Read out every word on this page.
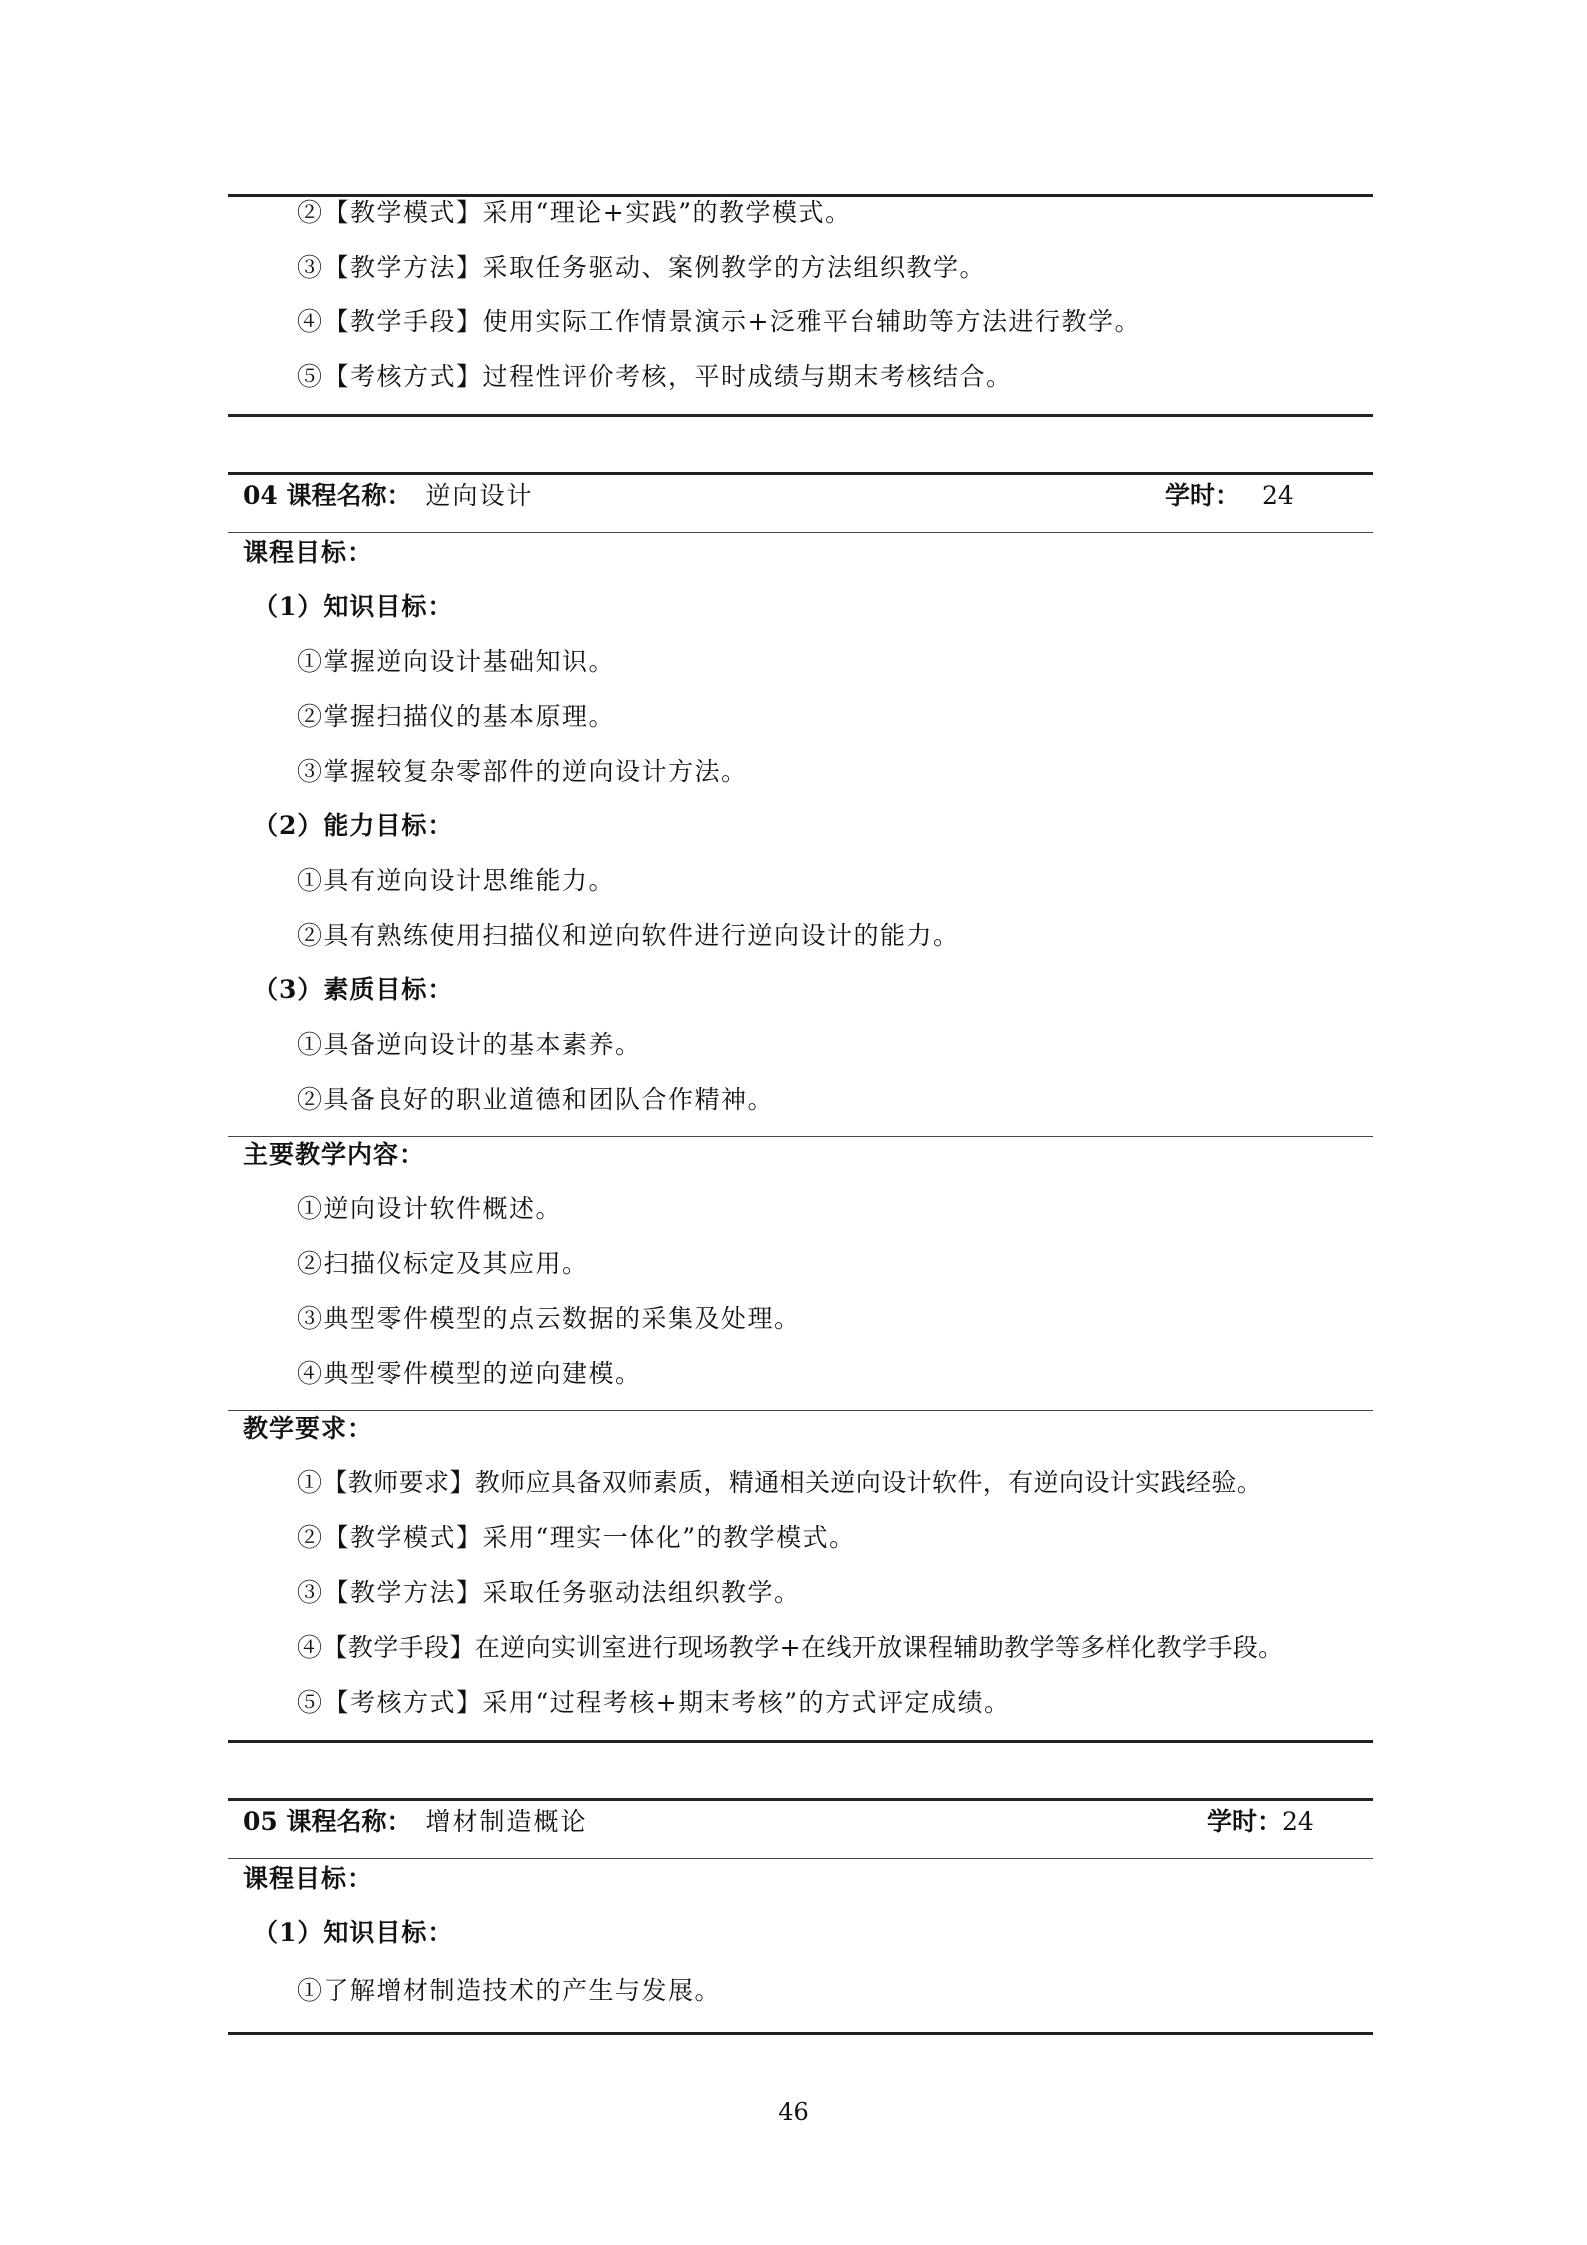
②【教学模式】采用“理论+实践”的教学模式。
③【教学方法】采取任务驱动、案例教学的方法组织教学。
④【教学手段】使用实际工作情景演示+泛雅平台辅助等方法进行教学。
⑤【考核方式】过程性评价考核，平时成绩与期末考核结合。
04 课程名称： 逆向设计	学时： 24
课程目标：
（1）知识目标：
①掌握逆向设计基础知识。
②掌握扫描仪的基本原理。
③掌握较复杂零部件的逆向设计方法。
（2）能力目标：
①具有逆向设计思维能力。
②具有熟练使用扫描仪和逆向软件进行逆向设计的能力。
（3）素质目标：
①具备逆向设计的基本素养。
②具备良好的职业道德和团队合作精神。
主要教学内容：
①逆向设计软件概述。
②扫描仪标定及其应用。
③典型零件模型的点云数据的采集及处理。
④典型零件模型的逆向建模。
教学要求：
①【教师要求】教师应具备双师素质，精通相关逆向设计软件，有逆向设计实践经验。
②【教学模式】采用“理实一体化”的教学模式。
③【教学方法】采取任务驱动法组织教学。
④【教学手段】在逆向实训室进行现场教学+在线开放课程辅助教学等多样化教学手段。
⑤【考核方式】采用“过程考核+期末考核”的方式评定成绩。
05 课程名称： 增材制造概论	学时：24
课程目标：
（1）知识目标：
①了解增材制造技术的产生与发展。
46
